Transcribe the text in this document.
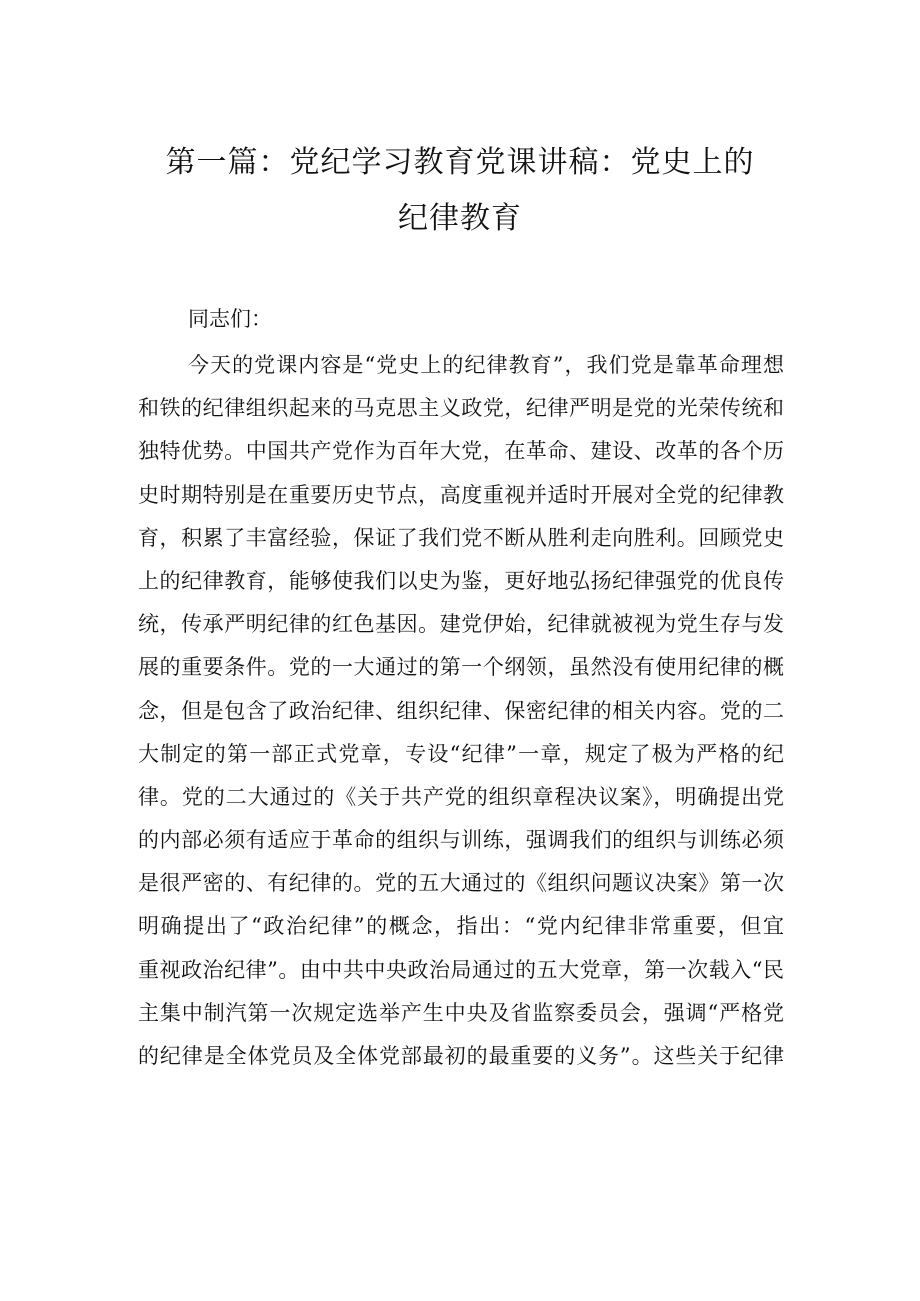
第一篇：党纪学习教育党课讲稿：党史上的
纪律教育
同志们：
今天的党课内容是“党史上的纪律教育”，我们党是靠革命理想
和铁的纪律组织起来的马克思主义政党，纪律严明是党的光荣传统和
独特优势。中国共产党作为百年大党，在革命、建设、改革的各个历
史时期特别是在重要历史节点，高度重视并适时开展对全党的纪律教
育，积累了丰富经验，保证了我们党不断从胜利走向胜利。回顾党史
上的纪律教育，能够使我们以史为鉴，更好地弘扬纪律强党的优良传
统，传承严明纪律的红色基因。建党伊始，纪律就被视为党生存与发
展的重要条件。党的一大通过的第一个纲领，虽然没有使用纪律的概
念，但是包含了政治纪律、组织纪律、保密纪律的相关内容。党的二
大制定的第一部正式党章，专设“纪律”一章，规定了极为严格的纪
律。党的二大通过的《关于共产党的组织章程决议案》，明确提出党
的内部必须有适应于革命的组织与训练，强调我们的组织与训练必须
是很严密的、有纪律的。党的五大通过的《组织问题议决案》第一次
明确提出了“政治纪律”的概念，指出：“党内纪律非常重要，但宜
重视政治纪律”。由中共中央政治局通过的五大党章，第一次载入“民
主集中制汽第一次规定选举产生中央及省监察委员会，强调“严格党
的纪律是全体党员及全体党部最初的最重要的义务”。这些关于纪律
